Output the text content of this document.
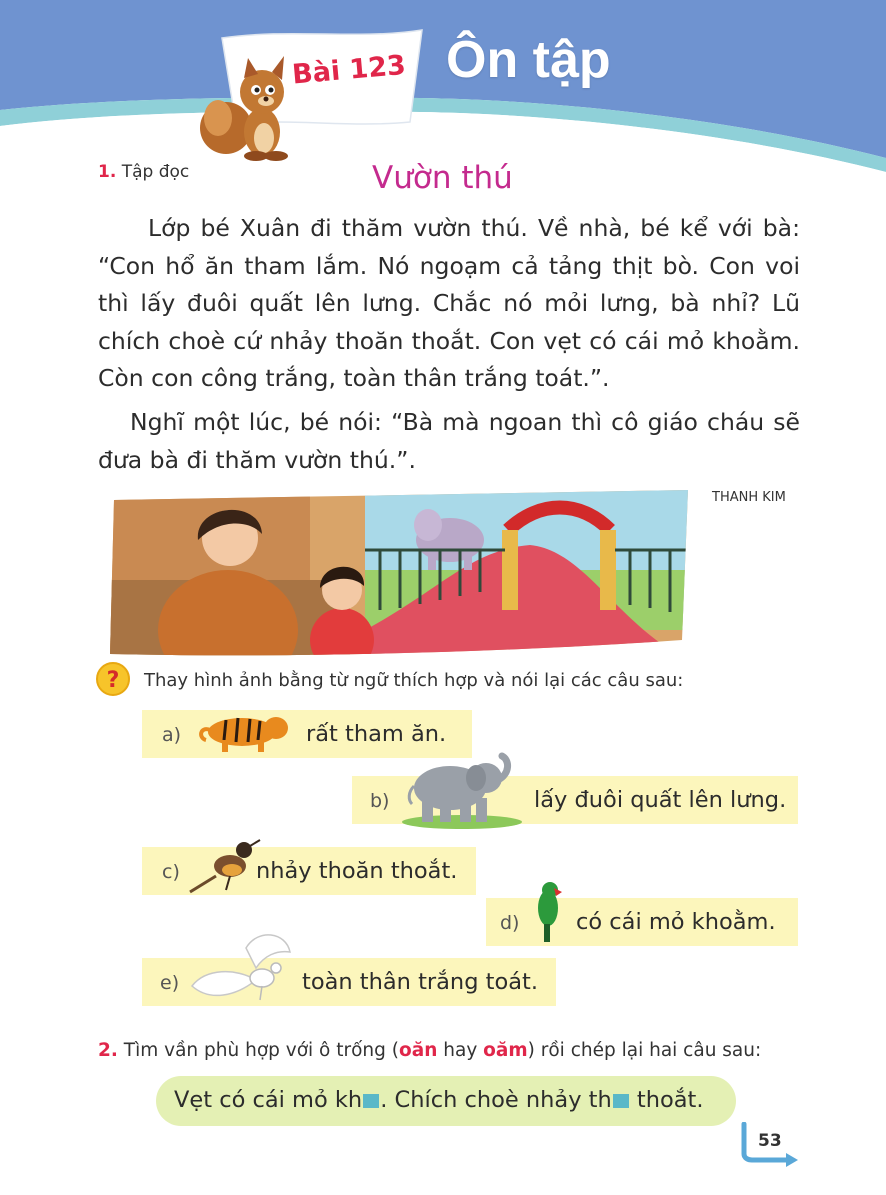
Bài 123 Ôn tập
1. Tập đọc	Vườn thú

Lớp bé Xuân đi thăm vườn thú. Về nhà, bé kể với bà: “Con hổ ăn tham lắm. Nó ngoạm cả tảng thịt bò. Con voi thì lấy đuôi quất lên lưng. Chắc nó mỏi lưng, bà nhỉ? Lũ chích choè cứ nhảy thoăn thoắt. Con vẹt có cái mỏ khoằm. Còn con công trắng, toàn thân trắng toát.”.

Nghĩ một lúc, bé nói: “Bà mà ngoan thì cô giáo cháu sẽ đưa bà đi thăm vườn thú.”.

THANH KIM
?	Thay hình ảnh bằng từ ngữ thích hợp và nói lại các câu sau:
a)	rất tham ăn.
b)	lấy đuôi quất lên lưng.
c)	nhảy thoăn thoắt.
d)	có cái mỏ khoằm.
e)	toàn thân trắng toát.
2. Tìm vần phù hợp với ô trống (oăn hay oăm) rồi chép lại hai câu sau:
Vẹt có cái mỏ kh . Chích choè nhảy th thoắt.
53
